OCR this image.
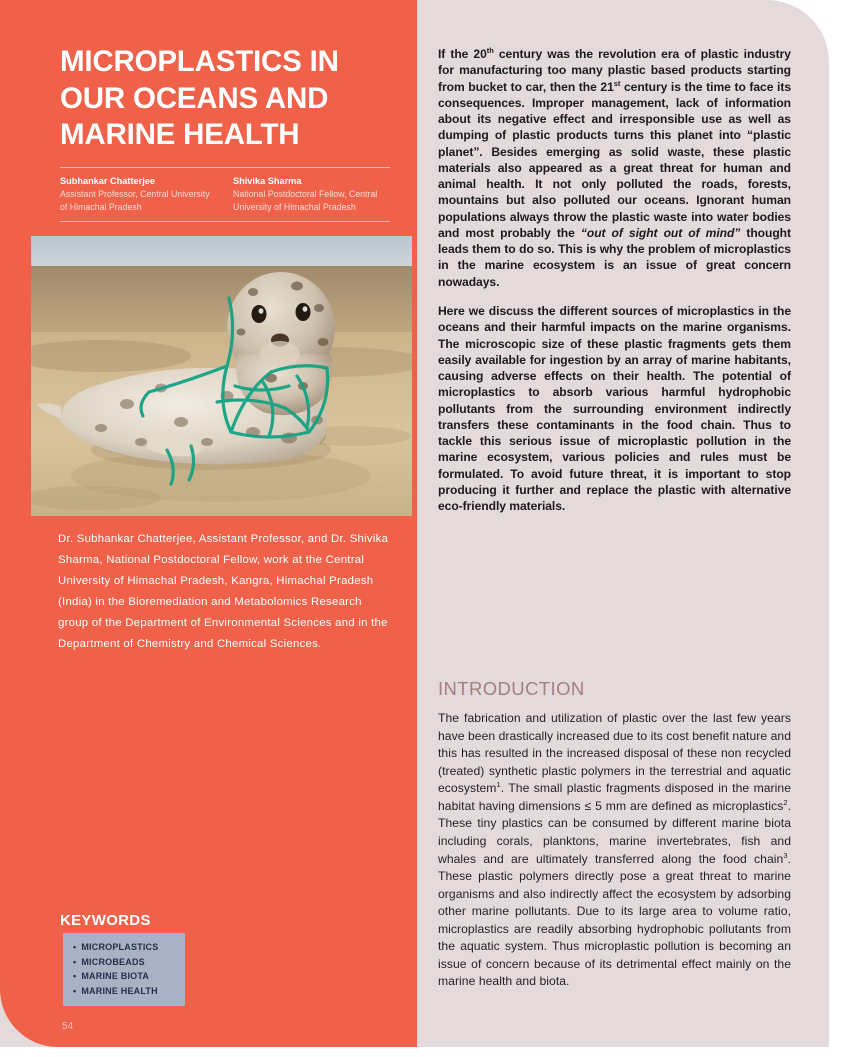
MICROPLASTICS IN OUR OCEANS AND MARINE HEALTH
Subhankar Chatterjee
Assistant Professor, Central University of Himachal Pradesh
Shivika Sharma
National Postdoctoral Fellow, Central University of Himachal Pradesh
Dr. Subhankar Chatterjee, Assistant Professor, and Dr. Shivika Sharma, National Postdoctoral Fellow, work at the Central University of Himachal Pradesh, Kangra, Himachal Pradesh (India) in the Bioremediation and Metabolomics Research group of the Department of Environmental Sciences and in the Department of Chemistry and Chemical Sciences.
KEYWORDS
• MICROPLASTICS
• MICROBEADS
• MARINE BIOTA
• MARINE HEALTH
54

If the 20th century was the revolution era of plastic industry for manufacturing too many plastic based products starting from bucket to car, then the 21st century is the time to face its consequences. Improper management, lack of information about its negative effect and irresponsible use as well as dumping of plastic products turns this planet into “plastic planet”. Besides emerging as solid waste, these plastic materials also appeared as a great threat for human and animal health. It not only polluted the roads, forests, mountains but also polluted our oceans. Ignorant human populations always throw the plastic waste into water bodies and most probably the “out of sight out of mind” thought leads them to do so. This is why the problem of microplastics in the marine ecosystem is an issue of great concern nowadays.

Here we discuss the different sources of microplastics in the oceans and their harmful impacts on the marine organisms. The microscopic size of these plastic fragments gets them easily available for ingestion by an array of marine habitants, causing adverse effects on their health. The potential of microplastics to absorb various harmful hydrophobic pollutants from the surrounding environment indirectly transfers these contaminants in the food chain. Thus to tackle this serious issue of microplastic pollution in the marine ecosystem, various policies and rules must be formulated. To avoid future threat, it is important to stop producing it further and replace the plastic with alternative eco-friendly materials.

INTRODUCTION

The fabrication and utilization of plastic over the last few years have been drastically increased due to its cost benefit nature and this has resulted in the increased disposal of these non recycled (treated) synthetic plastic polymers in the terrestrial and aquatic ecosystem$^1$. The small plastic fragments disposed in the marine habitat having dimensions ≤ 5 mm are defined as microplastics$^2$. These tiny plastics can be consumed by different marine biota including corals, planktons, marine invertebrates, fish and whales and are ultimately transferred along the food chain$^3$. These plastic polymers directly pose a great threat to marine organisms and also indirectly affect the ecosystem by adsorbing other marine pollutants. Due to its large area to volume ratio, microplastics are readily absorbing hydrophobic pollutants from the aquatic system. Thus microplastic pollution is becoming an issue of concern because of its detrimental effect mainly on the marine health and biota.
